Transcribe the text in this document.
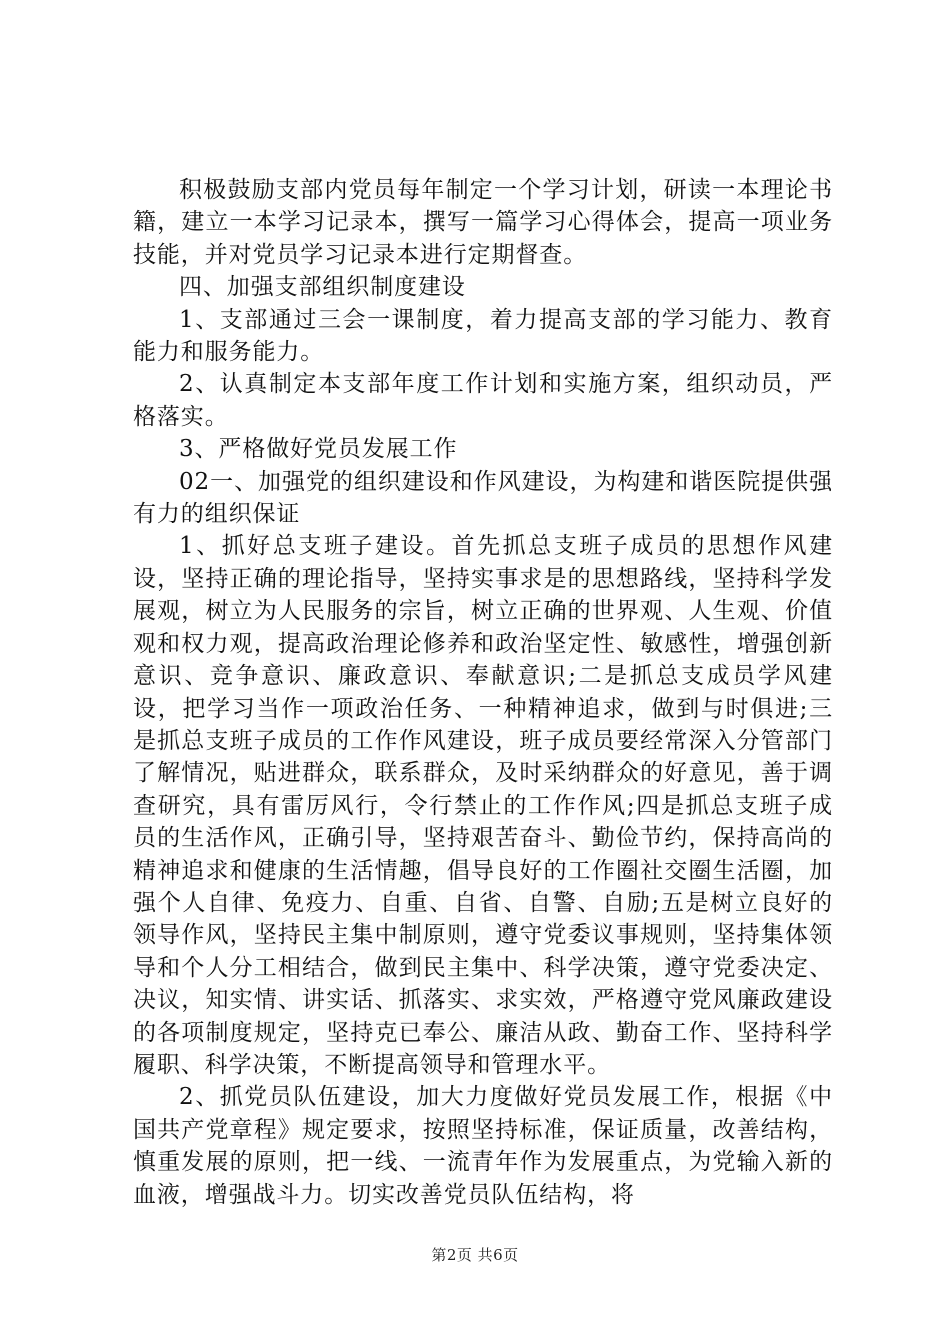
积极鼓励支部内党员每年制定一个学习计划，研读一本理论书籍，建立一本学习记录本，撰写一篇学习心得体会，提高一项业务技能，并对党员学习记录本进行定期督查。

四、加强支部组织制度建设

1、支部通过三会一课制度，着力提高支部的学习能力、教育能力和服务能力。

2、认真制定本支部年度工作计划和实施方案，组织动员，严格落实。

3、严格做好党员发展工作

02一、加强党的组织建设和作风建设，为构建和谐医院提供强有力的组织保证

1、抓好总支班子建设。首先抓总支班子成员的思想作风建设，坚持正确的理论指导，坚持实事求是的思想路线，坚持科学发展观，树立为人民服务的宗旨，树立正确的世界观、人生观、价值观和权力观，提高政治理论修养和政治坚定性、敏感性，增强创新意识、竞争意识、廉政意识、奉献意识;二是抓总支成员学风建设，把学习当作一项政治任务、一种精神追求，做到与时俱进;三是抓总支班子成员的工作作风建设，班子成员要经常深入分管部门了解情况，贴进群众，联系群众，及时采纳群众的好意见，善于调查研究，具有雷厉风行，令行禁止的工作作风;四是抓总支班子成员的生活作风，正确引导，坚持艰苦奋斗、勤俭节约，保持高尚的精神追求和健康的生活情趣，倡导良好的工作圈社交圈生活圈，加强个人自律、免疫力、自重、自省、自警、自励;五是树立良好的领导作风，坚持民主集中制原则，遵守党委议事规则，坚持集体领导和个人分工相结合，做到民主集中、科学决策，遵守党委决定、决议，知实情、讲实话、抓落实、求实效，严格遵守党风廉政建设的各项制度规定，坚持克已奉公、廉洁从政、勤奋工作、坚持科学履职、科学决策，不断提高领导和管理水平。

2、抓党员队伍建设，加大力度做好党员发展工作，根据《中国共产党章程》规定要求，按照坚持标准，保证质量，改善结构，慎重发展的原则，把一线、一流青年作为发展重点，为党输入新的血液，增强战斗力。切实改善党员队伍结构，将

第2页 共6页
